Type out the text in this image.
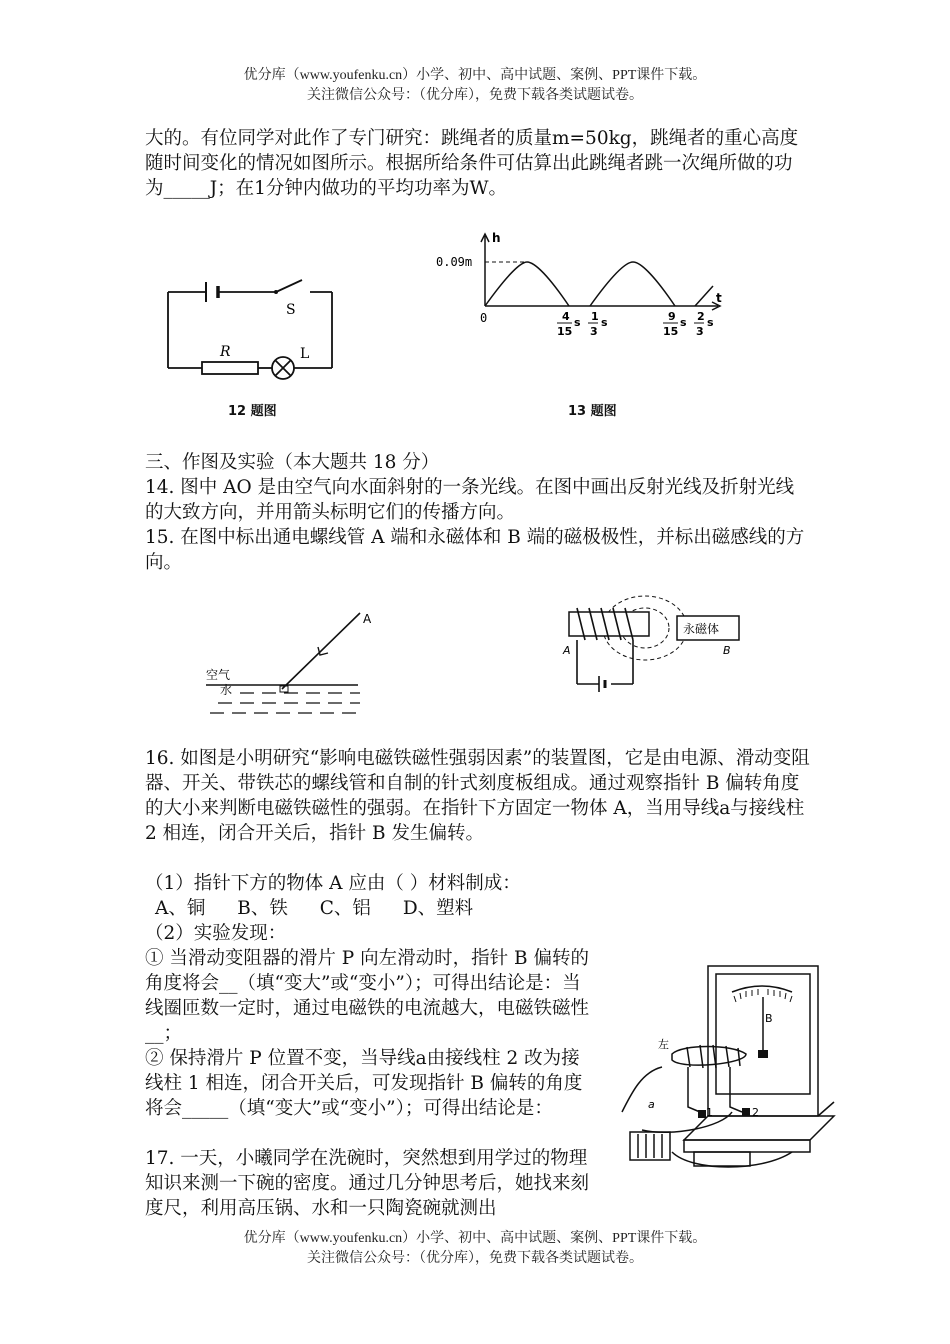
优分库（www.youfenku.cn）小学、初中、高中试题、案例、PPT课件下载。

关注微信公众号：（优分库），免费下载各类试题试卷。

大的。有位同学对此作了专门研究：跳绳者的质量m=50kg，跳绳者的重心高度随时间变化的情况如图所示。根据所给条件可估算出此跳绳者跳一次绳所做的功为_____J；在1分钟内做功的平均功率为W。

S
R	L
12 题图
h
t
0.09m
0	4
15
s 1
3
s	9
15
s 2
3
s
13 题图

三、作图及实验（本大题共 18 分）

14. 图中 AO 是由空气向水面斜射的一条光线。在图中画出反射光线及折射光线的大致方向，并用箭头标明它们的传播方向。

15. 在图中标出通电螺线管 A 端和永磁体和 B 端的磁极极性，并标出磁感线的方向。

A
空气
水
永磁体
A	B

16. 如图是小明研究“影响电磁铁磁性强弱因素”的装置图，它是由电源、滑动变阻器、开关、带铁芯的螺线管和自制的针式刻度板组成。通过观察指针 B 偏转角度的大小来判断电磁铁磁性的强弱。在指针下方固定一物体 A，当用导线a与接线柱 2 相连，闭合开关后，指针 B 发生偏转。

（1）指针下方的物体 A 应由（ ）材料制成：

A、铜 B、铁 C、铝 D、塑料

（2）实验发现：

① 当滑动变阻器的滑片 P 向左滑动时，指针 B 偏转的角度将会__（填“变大”或“变小”）；可得出结论是：当线圈匝数一定时，通过电磁铁的电流越大，电磁铁磁性__；

② 保持滑片 P 位置不变，当导线a由接线柱 2 改为接线柱 1 相连，闭合开关后，可发现指针 B 偏转的角度将会_____（填“变大”或“变小”）；可得出结论是：

17. 一天，小曦同学在洗碗时，突然想到用学过的物理知识来测一下碗的密度。通过几分钟思考后，她找来刻度尺，利用高压锅、水和一只陶瓷碗就测出

B
a
1	2
左

优分库（www.youfenku.cn）小学、初中、高中试题、案例、PPT课件下载。

关注微信公众号：（优分库），免费下载各类试题试卷。
